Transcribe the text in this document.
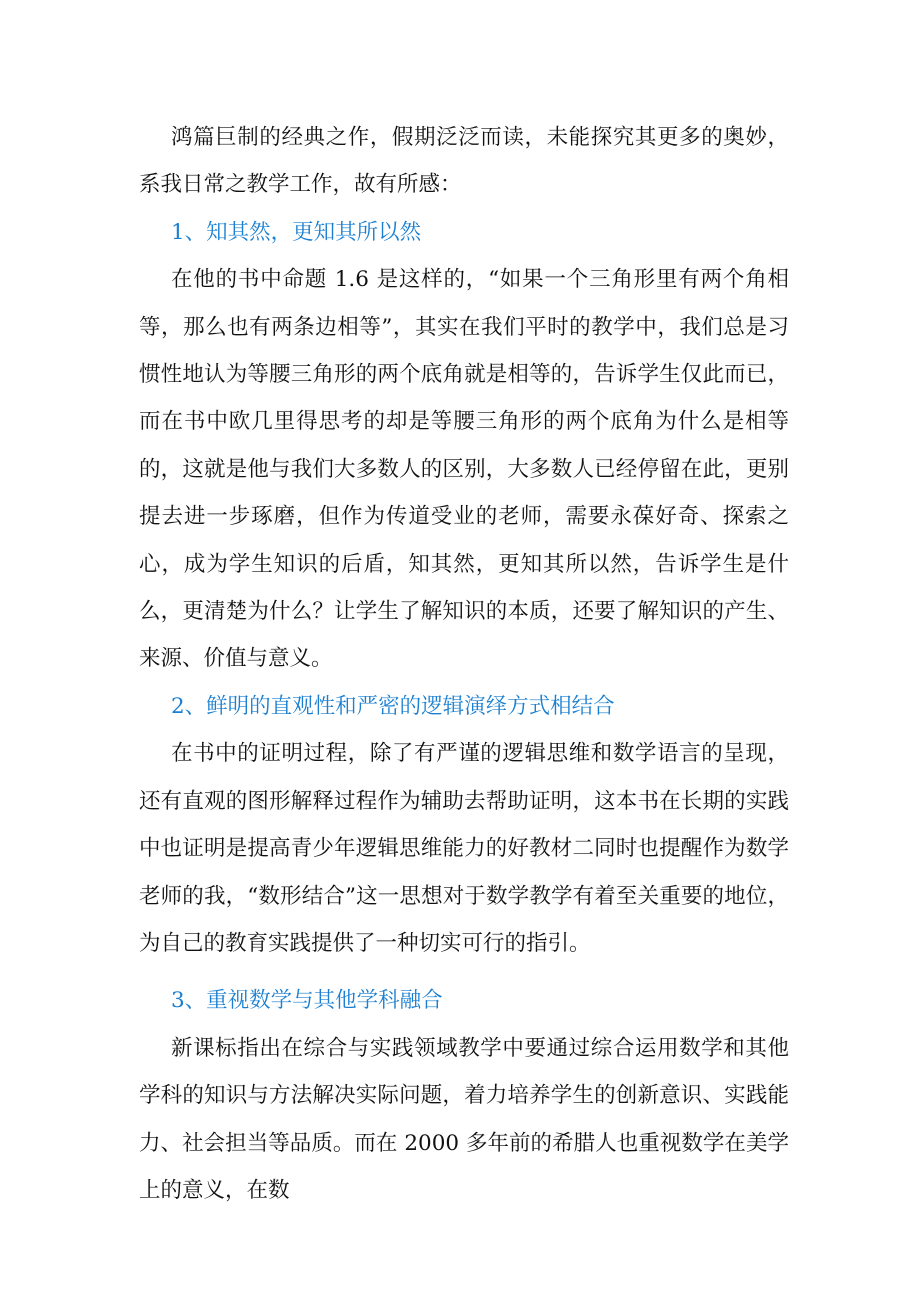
鸿篇巨制的经典之作，假期泛泛而读，未能探究其更多的奥妙，系我日常之教学工作，故有所感：

1、知其然，更知其所以然

在他的书中命题 1.6 是这样的，“如果一个三角形里有两个角相等，那么也有两条边相等”，其实在我们平时的教学中，我们总是习惯性地认为等腰三角形的两个底角就是相等的，告诉学生仅此而已，而在书中欧几里得思考的却是等腰三角形的两个底角为什么是相等的，这就是他与我们大多数人的区别，大多数人已经停留在此，更别提去进一步琢磨，但作为传道受业的老师，需要永葆好奇、探索之心，成为学生知识的后盾，知其然，更知其所以然，告诉学生是什么，更清楚为什么？让学生了解知识的本质，还要了解知识的产生、来源、价值与意义。

2、鲜明的直观性和严密的逻辑演绎方式相结合

在书中的证明过程，除了有严谨的逻辑思维和数学语言的呈现，还有直观的图形解释过程作为辅助去帮助证明，这本书在长期的实践中也证明是提高青少年逻辑思维能力的好教材二同时也提醒作为数学老师的我，“数形结合”这一思想对于数学教学有着至关重要的地位，为自己的教育实践提供了一种切实可行的指引。

3、重视数学与其他学科融合

新课标指出在综合与实践领域教学中要通过综合运用数学和其他学科的知识与方法解决实际问题，着力培养学生的创新意识、实践能力、社会担当等品质。而在 2000 多年前的希腊人也重视数学在美学上的意义，在数
